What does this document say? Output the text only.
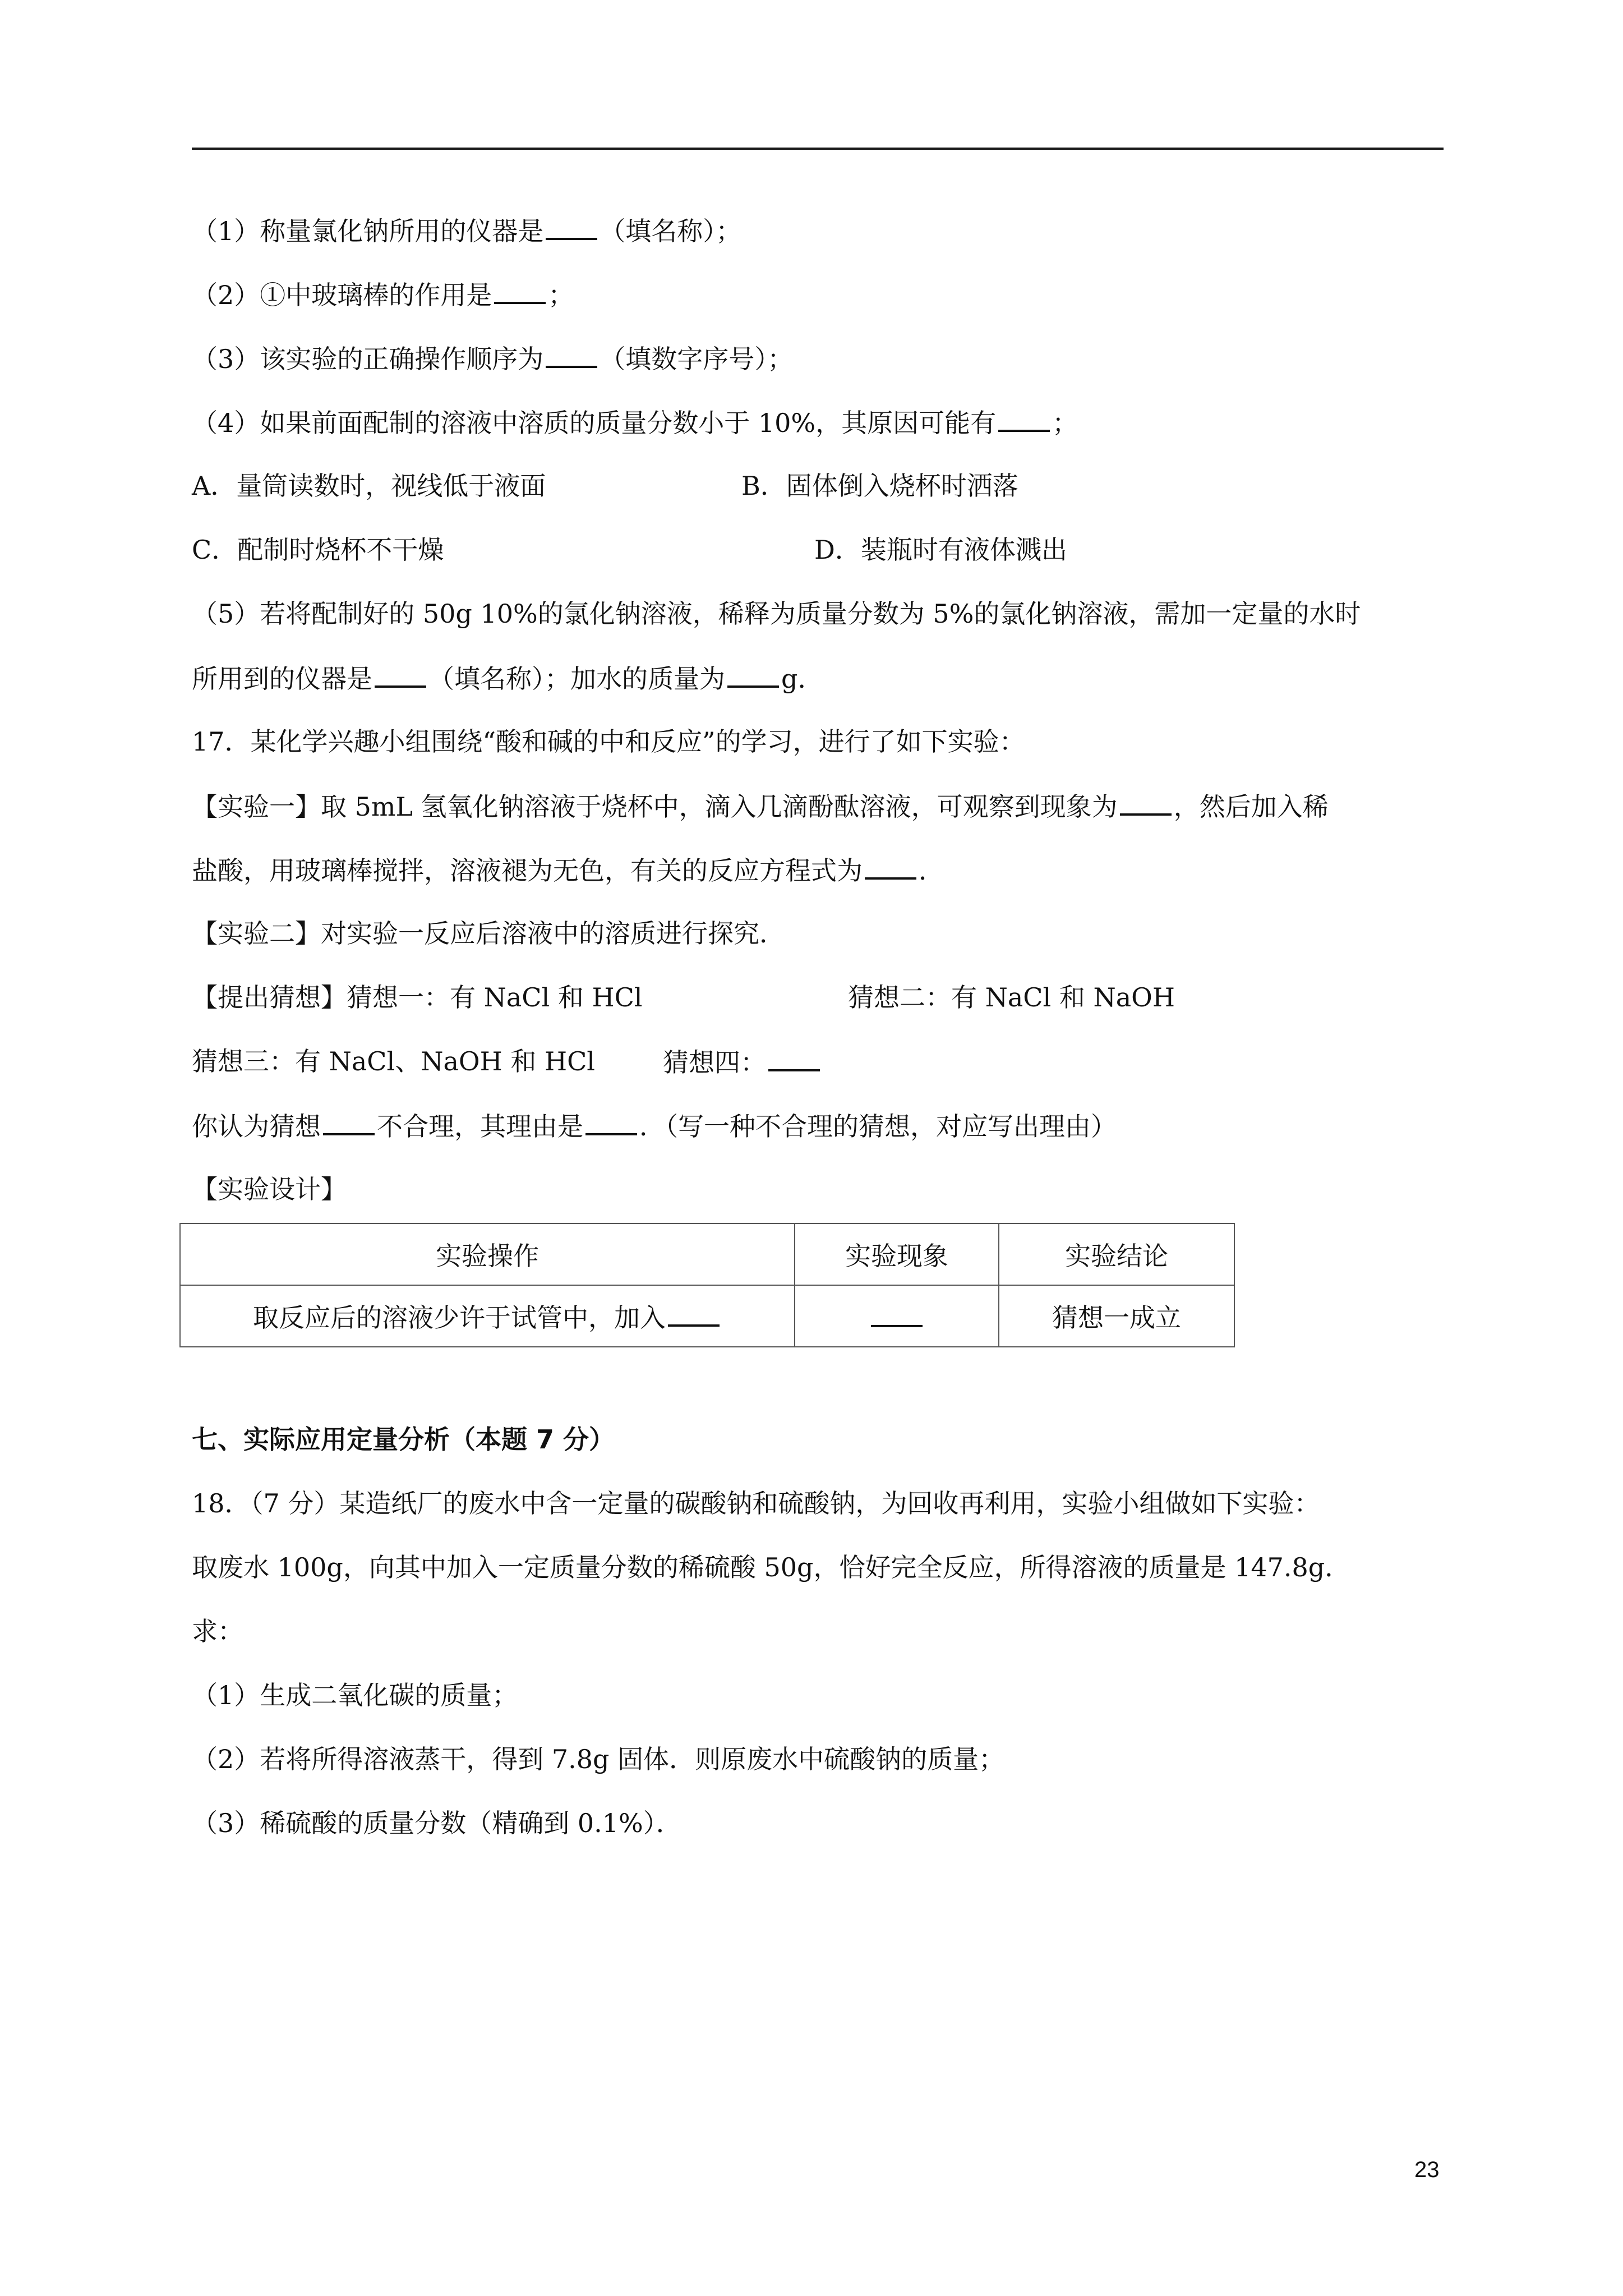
（1）称量氯化钠所用的仪器是 （填名称）；

（2）①中玻璃棒的作用是 ；

（3）该实验的正确操作顺序为 （填数字序号）；

（4）如果前面配制的溶液中溶质的质量分数小于 10%，其原因可能有 ；

A．量筒读数时，视线低于液面	B．固体倒入烧杯时洒落

C．配制时烧杯不干燥	D．装瓶时有液体溅出

（5）若将配制好的 50g 10%的氯化钠溶液，稀释为质量分数为 5%的氯化钠溶液，需加一定量的水时

所用到的仪器是 （填名称）；加水的质量为 g．

17．某化学兴趣小组围绕“酸和碱的中和反应”的学习，进行了如下实验：

【实验一】取 5mL 氢氧化钠溶液于烧杯中，滴入几滴酚酞溶液，可观察到现象为 ，然后加入稀

盐酸，用玻璃棒搅拌，溶液褪为无色，有关的反应方程式为 ．

【实验二】对实验一反应后溶液中的溶质进行探究．

【提出猜想】猜想一：有 NaCl 和 HCl	猜想二：有 NaCl 和 NaOH

猜想三：有 NaCl、NaOH 和 HCl	猜想四：

你认为猜想 不合理，其理由是 ．（写一种不合理的猜想，对应写出理由）

【实验设计】

实验操作	实验现象	实验结论
取反应后的溶液少许于试管中，加入		猜想一成立

七、实际应用定量分析（本题 7 分）

18．（7 分）某造纸厂的废水中含一定量的碳酸钠和硫酸钠，为回收再利用，实验小组做如下实验：

取废水 100g，向其中加入一定质量分数的稀硫酸 50g，恰好完全反应，所得溶液的质量是 147.8g．

求：

（1）生成二氧化碳的质量；

（2）若将所得溶液蒸干，得到 7.8g 固体．则原废水中硫酸钠的质量；

（3）稀硫酸的质量分数（精确到 0.1%）．

23
